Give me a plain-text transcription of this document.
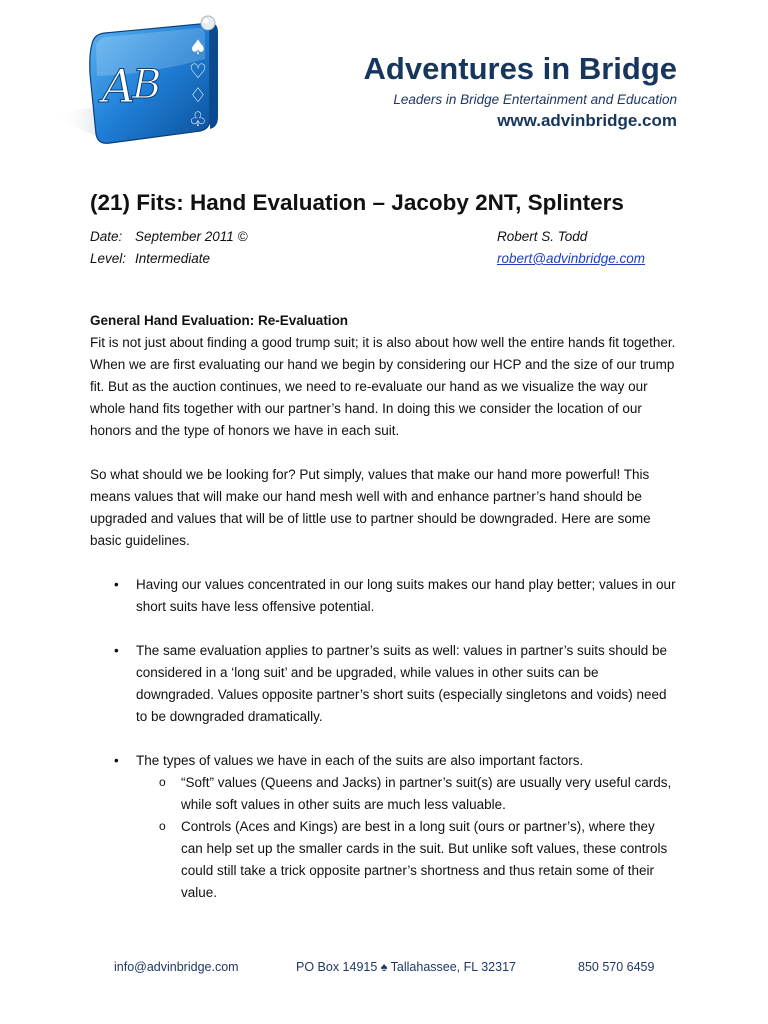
A
B
♠
♡
♢
♧
Adventures in Bridge
Leaders in Bridge Entertainment and Education
www.advinbridge.com
(21) Fits: Hand Evaluation – Jacoby 2NT, Splinters
Date: September 2011 ©
Level: Intermediate
Robert S. Todd
robert@advinbridge.com

General Hand Evaluation: Re-Evaluation

Fit is not just about finding a good trump suit; it is also about how well the entire hands fit together. When we are first evaluating our hand we begin by considering our HCP and the size of our trump fit. But as the auction continues, we need to re-evaluate our hand as we visualize the way our whole hand fits together with our partner’s hand. In doing this we consider the location of our honors and the type of honors we have in each suit.

So what should we be looking for? Put simply, values that make our hand more powerful! This means values that will make our hand mesh well with and enhance partner’s hand should be upgraded and values that will be of little use to partner should be downgraded. Here are some basic guidelines.

• Having our values concentrated in our long suits makes our hand play better; values in our short suits have less offensive potential.
• The same evaluation applies to partner’s suits as well: values in partner’s suits should be considered in a ‘long suit’ and be upgraded, while values in other suits can be downgraded. Values opposite partner’s short suits (especially singletons and voids) need to be downgraded dramatically.
• The types of values we have in each of the suits are also important factors.
o “Soft” values (Queens and Jacks) in partner’s suit(s) are usually very useful cards, while soft values in other suits are much less valuable.
o Controls (Aces and Kings) are best in a long suit (ours or partner’s), where they can help set up the smaller cards in the suit. But unlike soft values, these controls could still take a trick opposite partner’s shortness and thus retain some of their value.
info@advinbridge.com	PO Box 14915 ♠ Tallahassee, FL 32317	850 570 6459
